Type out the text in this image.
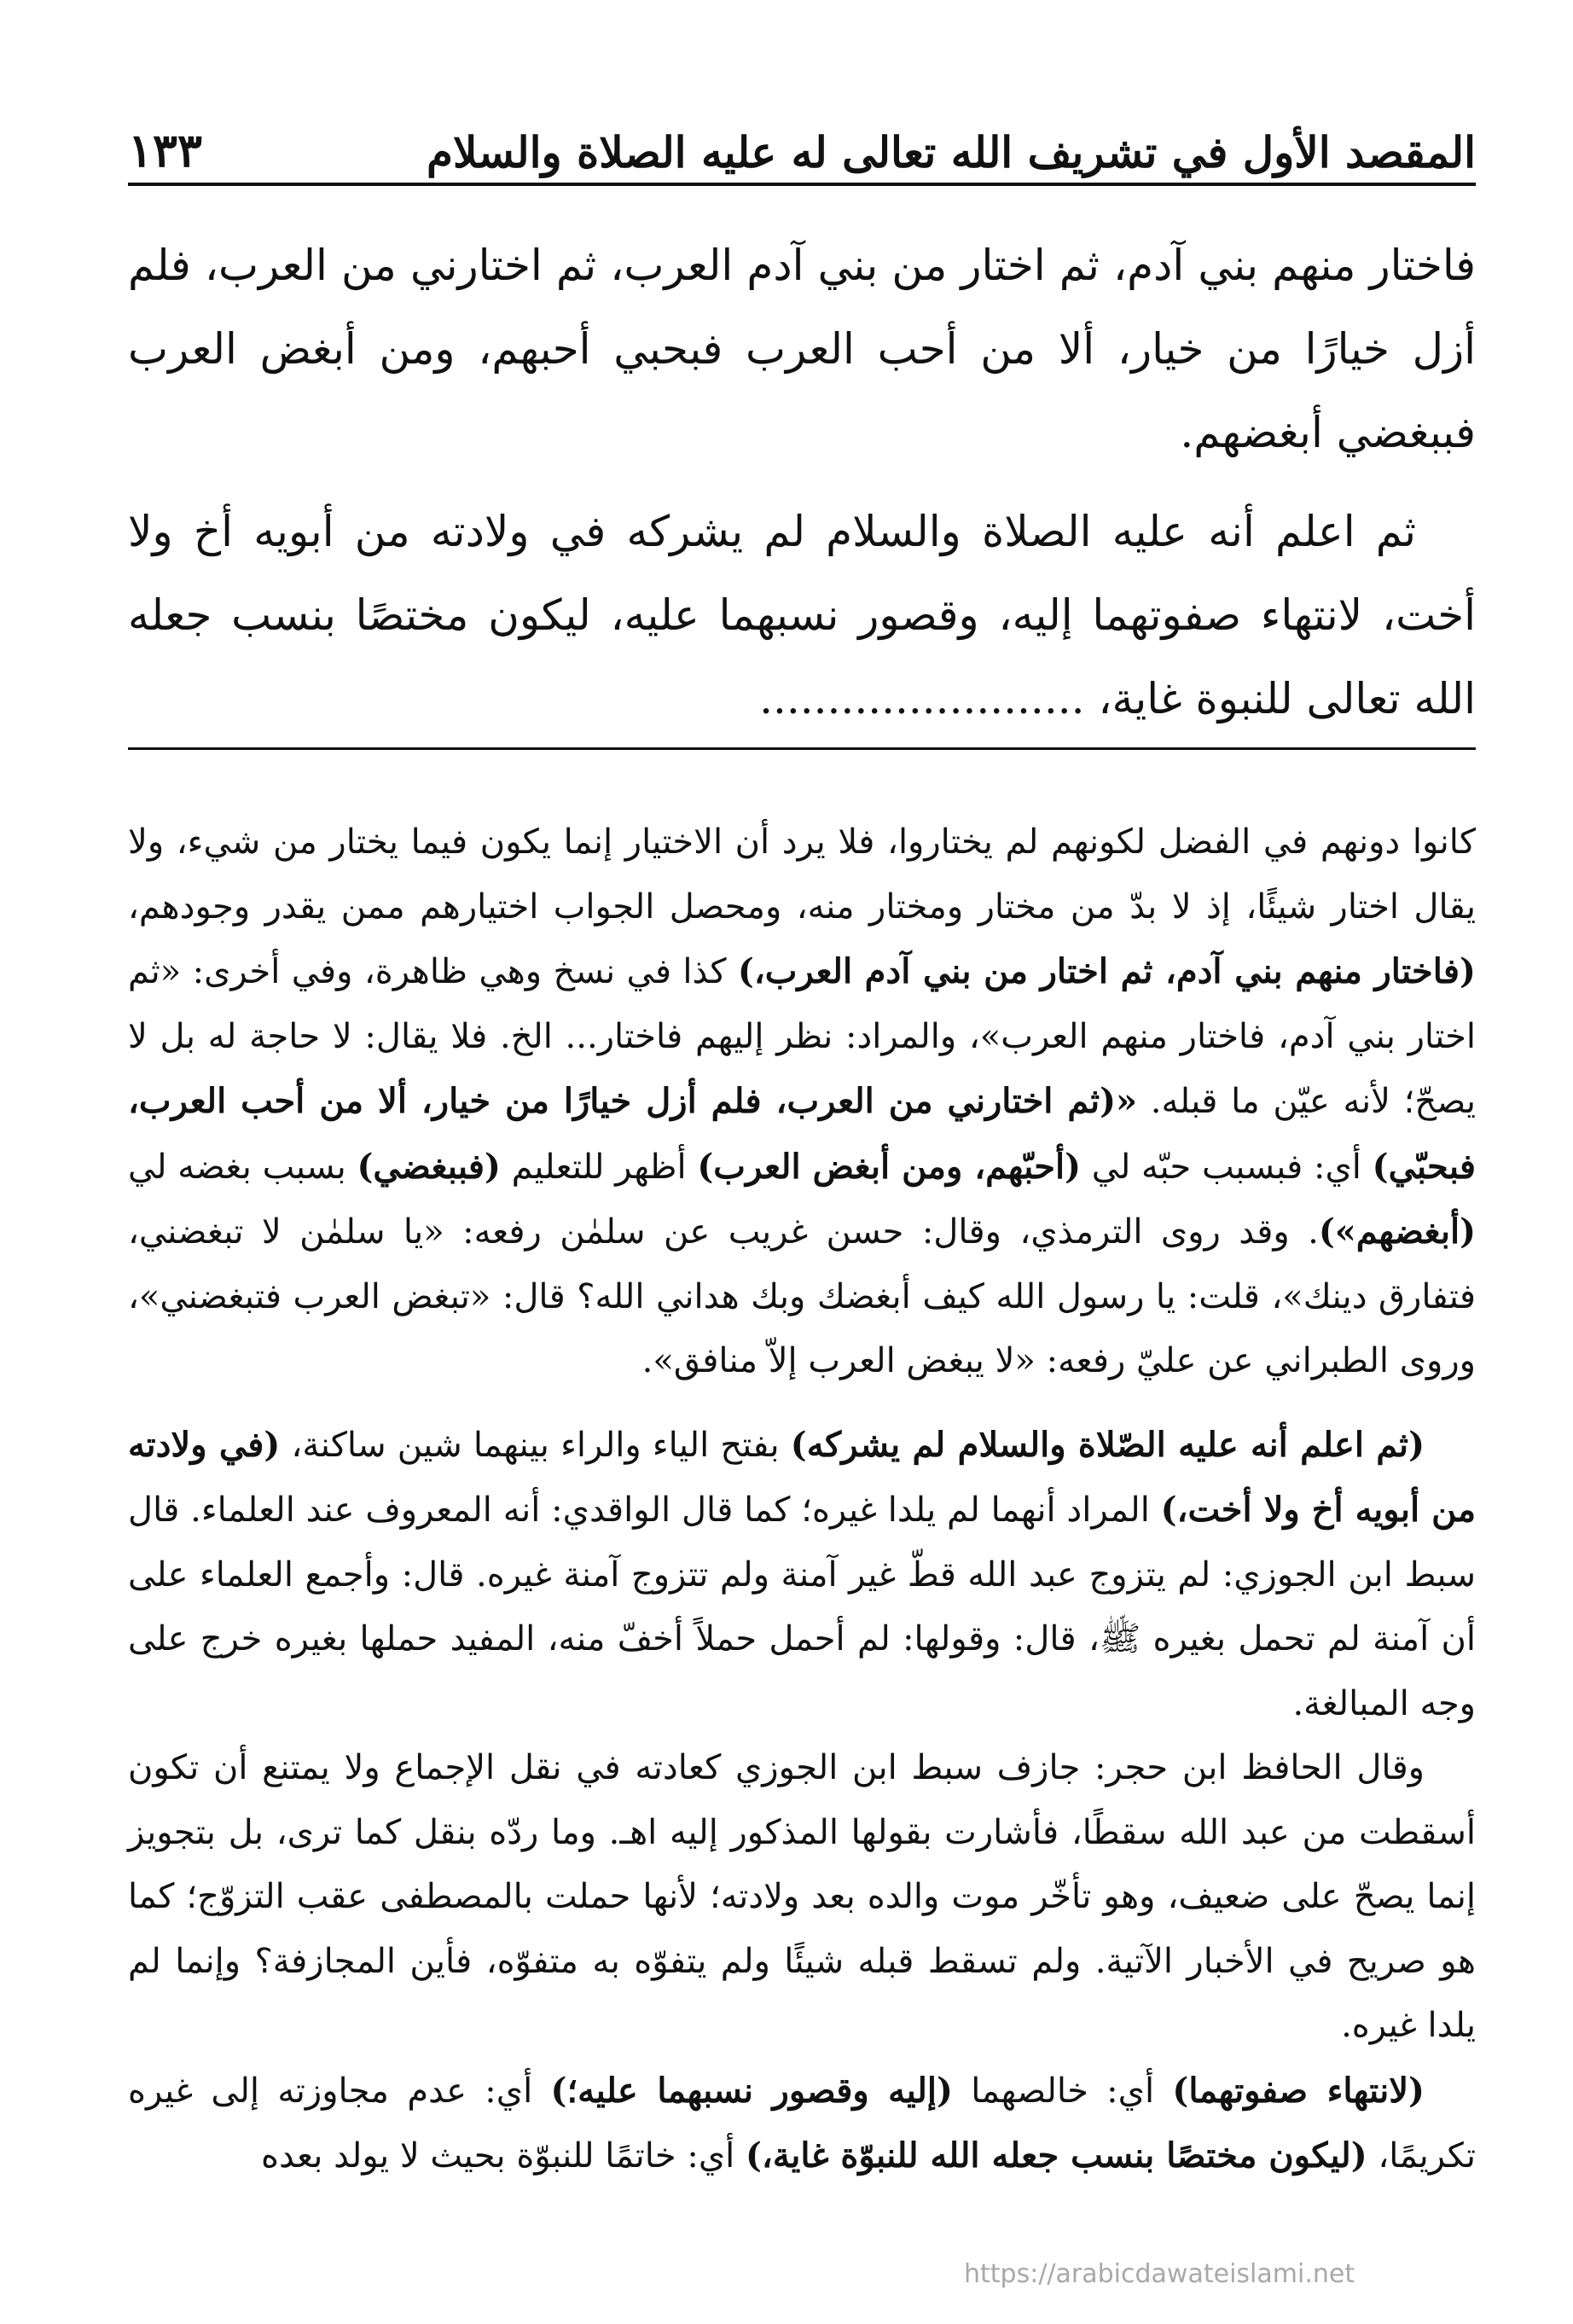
المقصد الأول في تشريف الله تعالى له عليه الصلاة والسلام
١٣٣

فاختار منهم بني آدم، ثم اختار من بني آدم العرب، ثم اختارني من العرب، فلم أزل خيارًا من خيار، ألا من أحب العرب فبحبي أحبهم، ومن أبغض العرب فببغضي أبغضهم.

ثم اعلم أنه عليه الصلاة والسلام لم يشركه في ولادته من أبويه أخ ولا أخت، لانتهاء صفوتهما إليه، وقصور نسبهما عليه، ليكون مختصًا بنسب جعله الله تعالى للنبوة غاية، ........................

كانوا دونهم في الفضل لكونهم لم يختاروا، فلا يرد أن الاختيار إنما يكون فيما يختار من شيء، ولا يقال اختار شيئًا، إذ لا بدّ من مختار ومختار منه، ومحصل الجواب اختيارهم ممن يقدر وجودهم، (فاختار منهم بني آدم، ثم اختار من بني آدم العرب،) كذا في نسخ وهي ظاهرة، وفي أخرى: «ثم اختار بني آدم، فاختار منهم العرب»، والمراد: نظر إليهم فاختار... الخ. فلا يقال: لا حاجة له بل لا يصحّ؛ لأنه عيّن ما قبله. «(ثم اختارني من العرب، فلم أزل خيارًا من خيار، ألا من أحب العرب، فبحبّي) أي: فبسبب حبّه لي (أحبّهم، ومن أبغض العرب) أظهر للتعليم (فببغضي) بسبب بغضه لي (أبغضهم»). وقد روى الترمذي، وقال: حسن غريب عن سلمٰن رفعه: «يا سلمٰن لا تبغضني، فتفارق دينك»، قلت: يا رسول الله كيف أبغضك وبك هداني الله؟ قال: «تبغض العرب فتبغضني»، وروى الطبراني عن عليّ رفعه: «لا يبغض العرب إلاّ منافق».

(ثم اعلم أنه عليه الصّلاة والسلام لم يشركه) بفتح الياء والراء بينهما شين ساكنة، (في ولادته من أبويه أخ ولا أخت،) المراد أنهما لم يلدا غيره؛ كما قال الواقدي: أنه المعروف عند العلماء. قال سبط ابن الجوزي: لم يتزوج عبد الله قطّ غير آمنة ولم تتزوج آمنة غيره. قال: وأجمع العلماء على أن آمنة لم تحمل بغيره ﷺ، قال: وقولها: لم أحمل حملاً أخفّ منه، المفيد حملها بغيره خرج على وجه المبالغة.

وقال الحافظ ابن حجر: جازف سبط ابن الجوزي كعادته في نقل الإجماع ولا يمتنع أن تكون أسقطت من عبد الله سقطًا، فأشارت بقولها المذكور إليه اهـ. وما ردّه بنقل كما ترى، بل بتجويز إنما يصحّ على ضعيف، وهو تأخّر موت والده بعد ولادته؛ لأنها حملت بالمصطفى عقب التزوّج؛ كما هو صريح في الأخبار الآتية. ولم تسقط قبله شيئًا ولم يتفوّه به متفوّه، فأين المجازفة؟ وإنما لم يلدا غيره.

(لانتهاء صفوتهما) أي: خالصهما (إليه وقصور نسبهما عليه؛) أي: عدم مجاوزته إلى غيره تكريمًا، (ليكون مختصًا بنسب جعله الله للنبوّة غاية،) أي: خاتمًا للنبوّة بحيث لا يولد بعده

https://arabicdawateislami.net
